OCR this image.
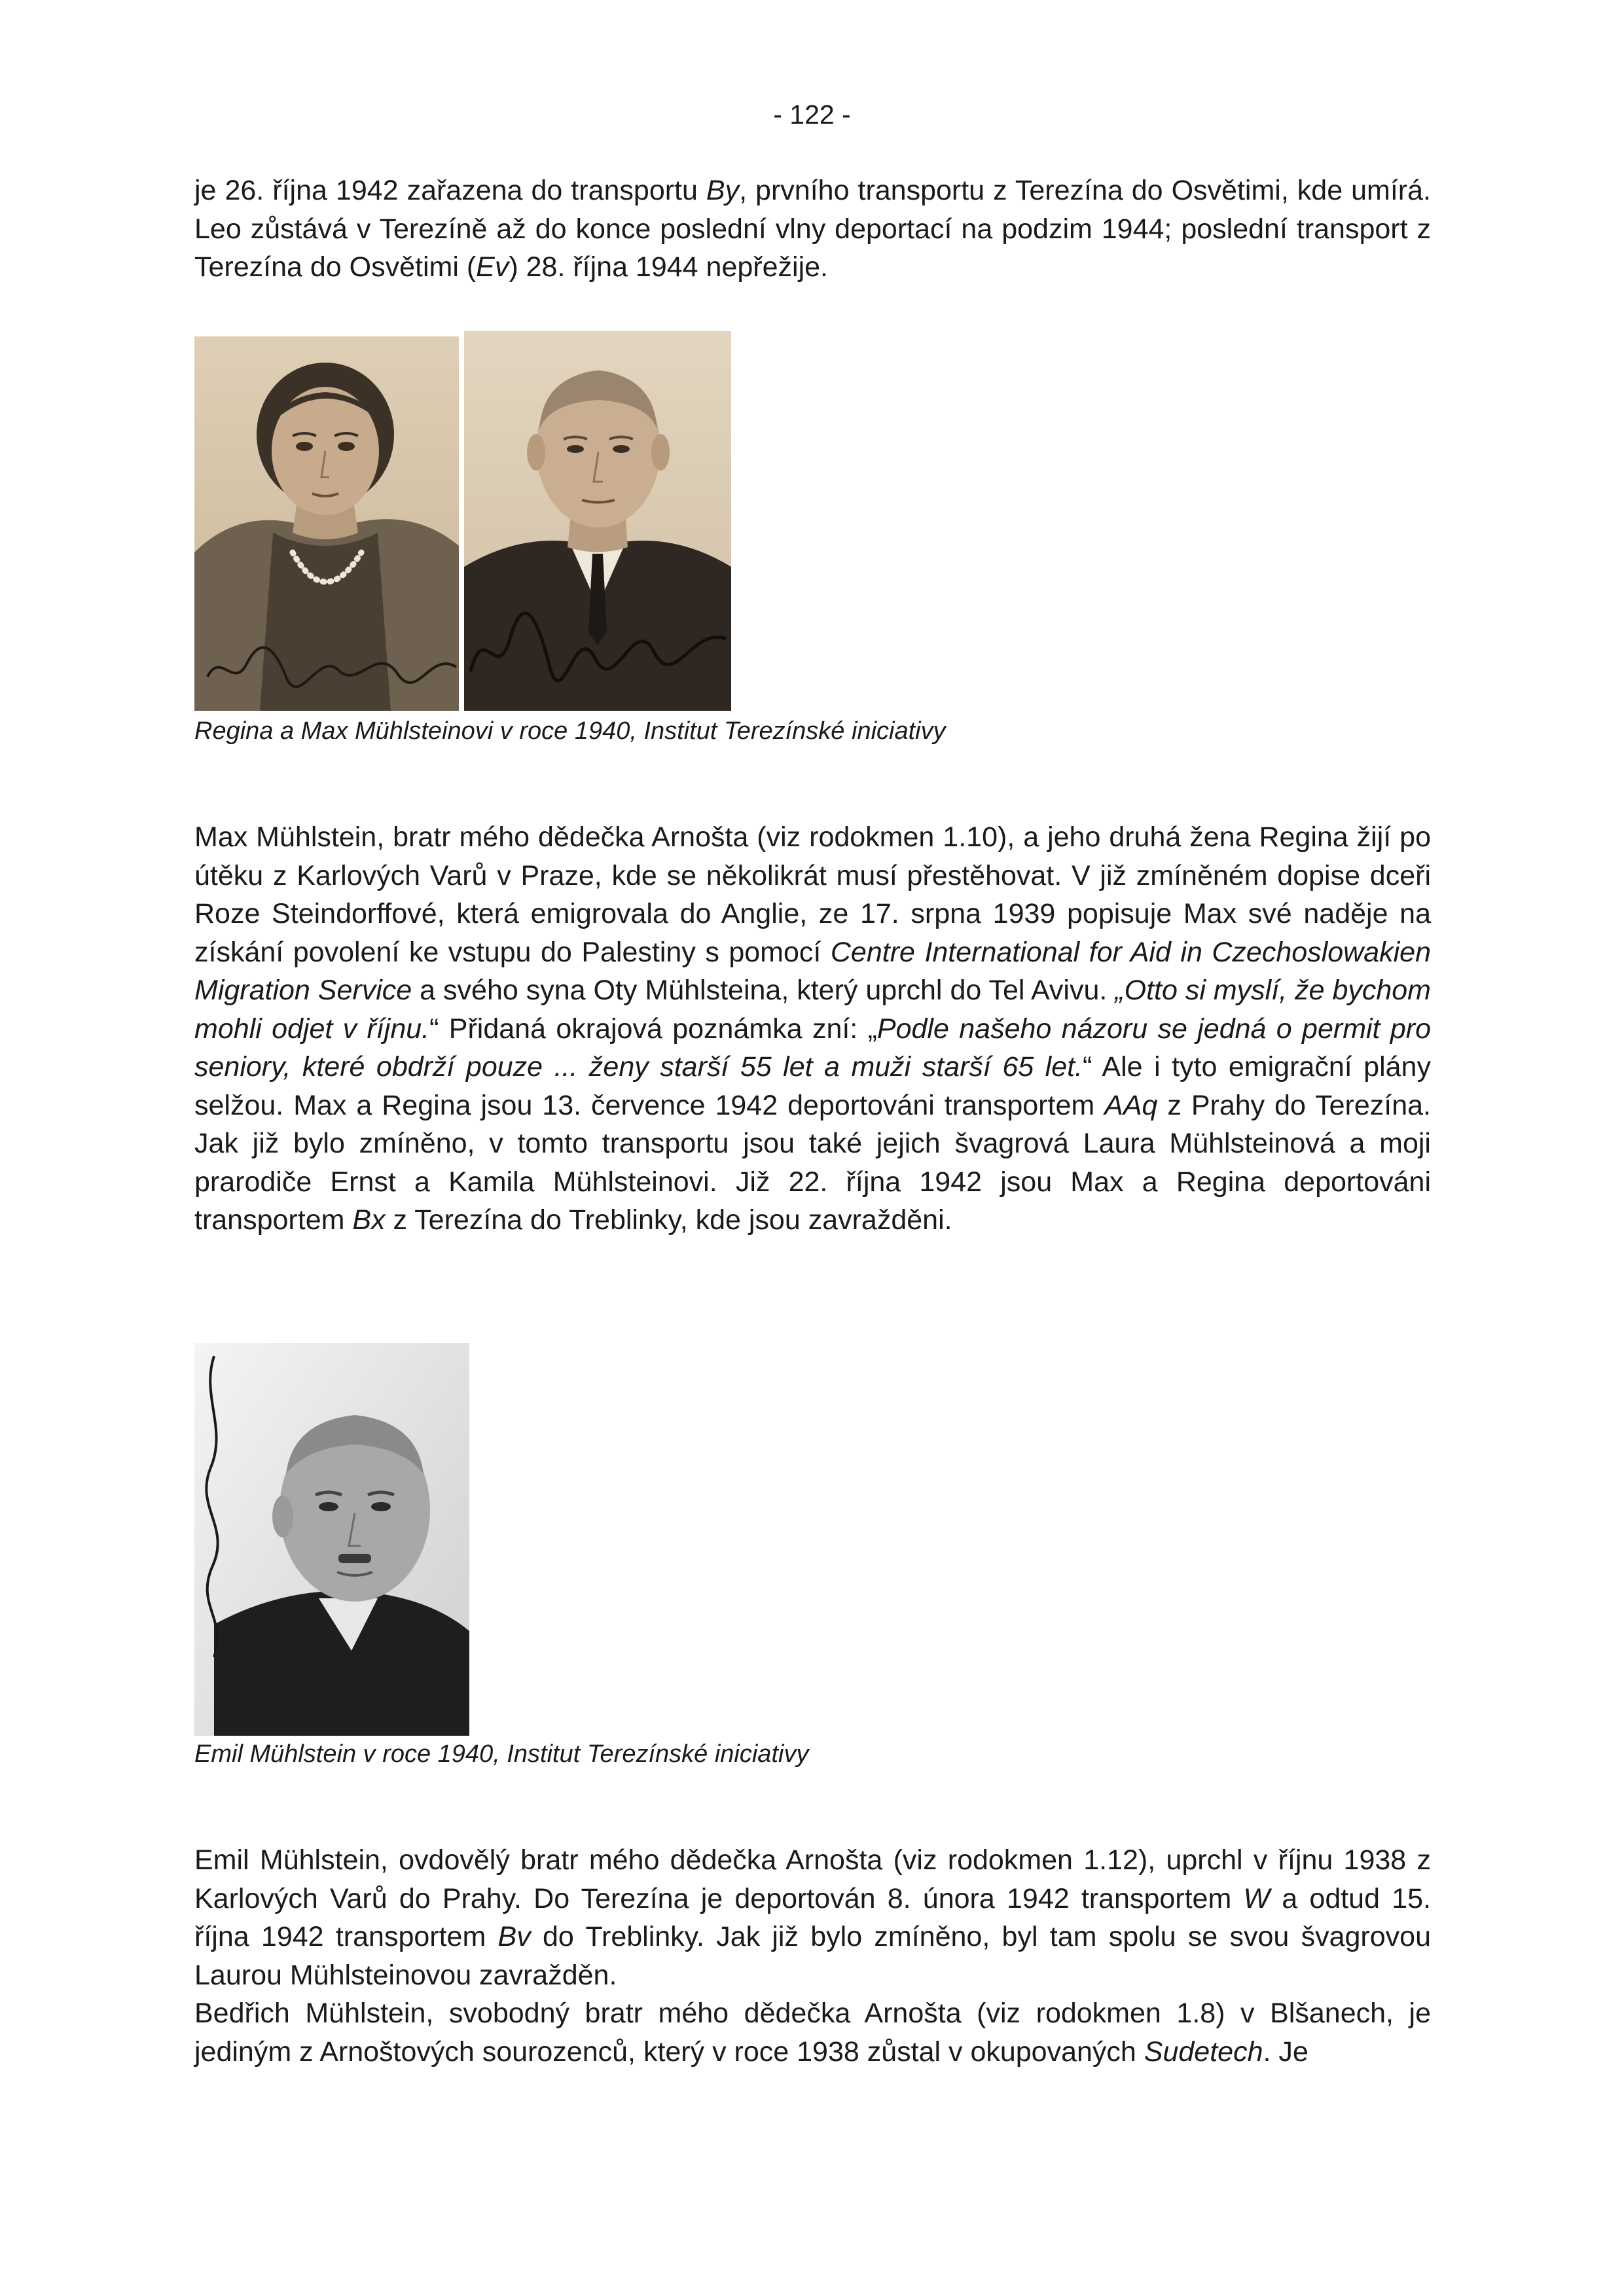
- 122 -

je 26. října 1942 zařazena do transportu By, prvního transportu z Terezína do Osvětimi, kde umírá. Leo zůstává v Terezíně až do konce poslední vlny deportací na podzim 1944; poslední transport z Terezína do Osvětimi (Ev) 28. října 1944 nepřežije.

Regina a Max Mühlsteinovi v roce 1940, Institut Terezínské iniciativy

Max Mühlstein, bratr mého dědečka Arnošta (viz rodokmen 1.10), a jeho druhá žena Regina žijí po útěku z Karlových Varů v Praze, kde se několikrát musí přestěhovat. V již zmíněném dopise dceři Roze Steindorffové, která emigrovala do Anglie, ze 17. srpna 1939 popisuje Max své naděje na získání povolení ke vstupu do Palestiny s pomocí Centre International for Aid in Czechoslowakien Migration Service a svého syna Oty Mühlsteina, který uprchl do Tel Avivu. „Otto si myslí, že bychom mohli odjet v říjnu.“ Přidaná okrajová poznámka zní: „Podle našeho názoru se jedná o permit pro seniory, které obdrží pouze ... ženy starší 55 let a muži starší 65 let.“ Ale i tyto emigrační plány selžou. Max a Regina jsou 13. července 1942 deportováni transportem AAq z Prahy do Terezína. Jak již bylo zmíněno, v tomto transportu jsou také jejich švagrová Laura Mühlsteinová a moji prarodiče Ernst a Kamila Mühlsteinovi. Již 22. října 1942 jsou Max a Regina deportováni transportem Bx z Terezína do Treblinky, kde jsou zavražděni.

Emil Mühlstein v roce 1940, Institut Terezínské iniciativy

Emil Mühlstein, ovdovělý bratr mého dědečka Arnošta (viz rodokmen 1.12), uprchl v říjnu 1938 z Karlových Varů do Prahy. Do Terezína je deportován 8. února 1942 transportem W a odtud 15. října 1942 transportem Bv do Treblinky. Jak již bylo zmíněno, byl tam spolu se svou švagrovou Laurou Mühlsteinovou zavražděn.

Bedřich Mühlstein, svobodný bratr mého dědečka Arnošta (viz rodokmen 1.8) v Blšanech, je jediným z Arnoštových sourozenců, který v roce 1938 zůstal v okupovaných Sudetech. Je
